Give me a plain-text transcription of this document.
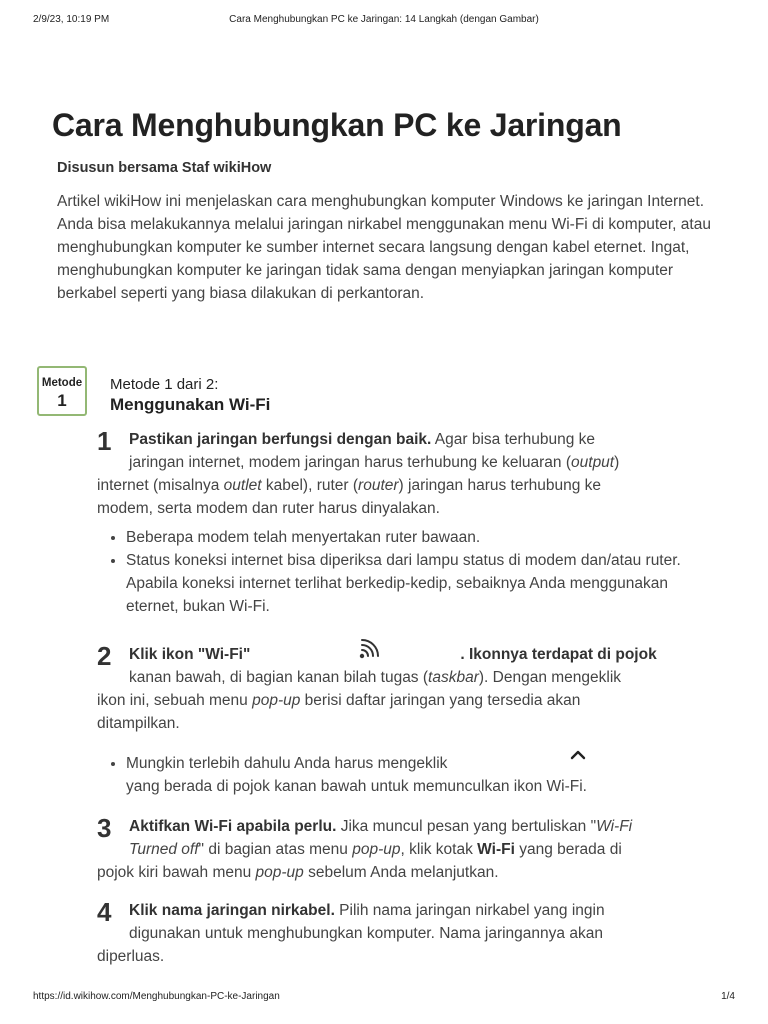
2/9/23, 10:19 PM	Cara Menghubungkan PC ke Jaringan: 14 Langkah (dengan Gambar)
Cara Menghubungkan PC ke Jaringan
Disusun bersama Staf wikiHow
Artikel wikiHow ini menjelaskan cara menghubungkan komputer Windows ke jaringan Internet. Anda bisa melakukannya melalui jaringan nirkabel menggunakan menu Wi-Fi di komputer, atau menghubungkan komputer ke sumber internet secara langsung dengan kabel eternet. Ingat, menghubungkan komputer ke jaringan tidak sama dengan menyiapkan jaringan komputer berkabel seperti yang biasa dilakukan di perkantoran.
Metode
1
Metode 1 dari 2:
Menggunakan Wi-Fi
1	Pastikan jaringan berfungsi dengan baik. Agar bisa terhubung ke
jaringan internet, modem jaringan harus terhubung ke keluaran (output)
internet (misalnya outlet kabel), ruter (router) jaringan harus terhubung ke
modem, serta modem dan ruter harus dinyalakan.
• Beberapa modem telah menyertakan ruter bawaan.
• Status koneksi internet bisa diperiksa dari lampu status di modem dan/atau ruter. Apabila koneksi internet terlihat berkedip-kedip, sebaiknya Anda menggunakan eternet, bukan Wi-Fi.
2	Klik ikon "Wi-Fi"	. Ikonnya terdapat di pojok
kanan bawah, di bagian kanan bilah tugas (taskbar). Dengan mengeklik
ikon ini, sebuah menu pop-up berisi daftar jaringan yang tersedia akan
ditampilkan.
• Mungkin terlebih dahulu Anda harus mengeklik
yang berada di pojok kanan bawah untuk memunculkan ikon Wi-Fi.
3	Aktifkan Wi-Fi apabila perlu. Jika muncul pesan yang bertuliskan "Wi-Fi
Turned off" di bagian atas menu pop-up, klik kotak Wi-Fi yang berada di
pojok kiri bawah menu pop-up sebelum Anda melanjutkan.
4	Klik nama jaringan nirkabel. Pilih nama jaringan nirkabel yang ingin
digunakan untuk menghubungkan komputer. Nama jaringannya akan
diperluas.
https://id.wikihow.com/Menghubungkan-PC-ke-Jaringan	1/4
